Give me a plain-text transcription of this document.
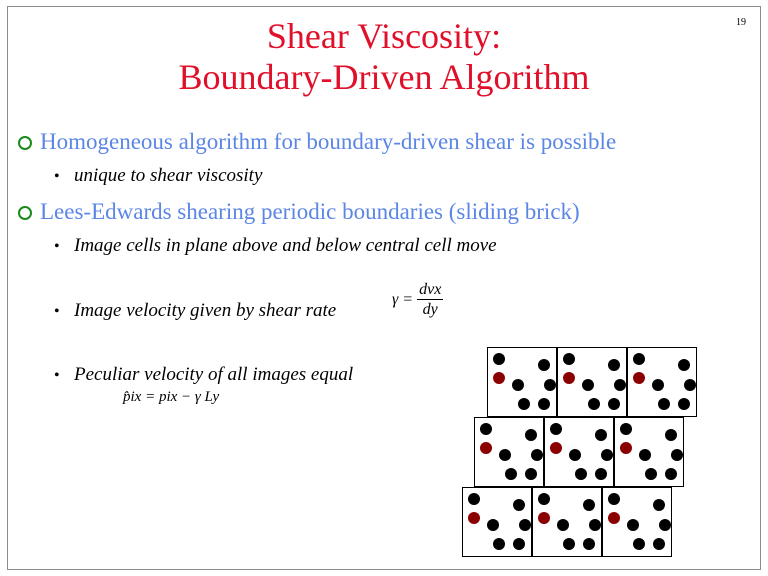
19
Shear Viscosity:
Boundary-Driven Algorithm
Homogeneous algorithm for boundary-driven shear is possible
• unique to shear viscosity
Lees-Edwards shearing periodic boundaries (sliding brick)
• Image cells in plane above and below central cell move
• Image velocity given by shear rate
• Peculiar velocity of all images equal
$\gamma = \frac{\text{dvx}}{dy}$
p̂ix = pix − γ Ly
